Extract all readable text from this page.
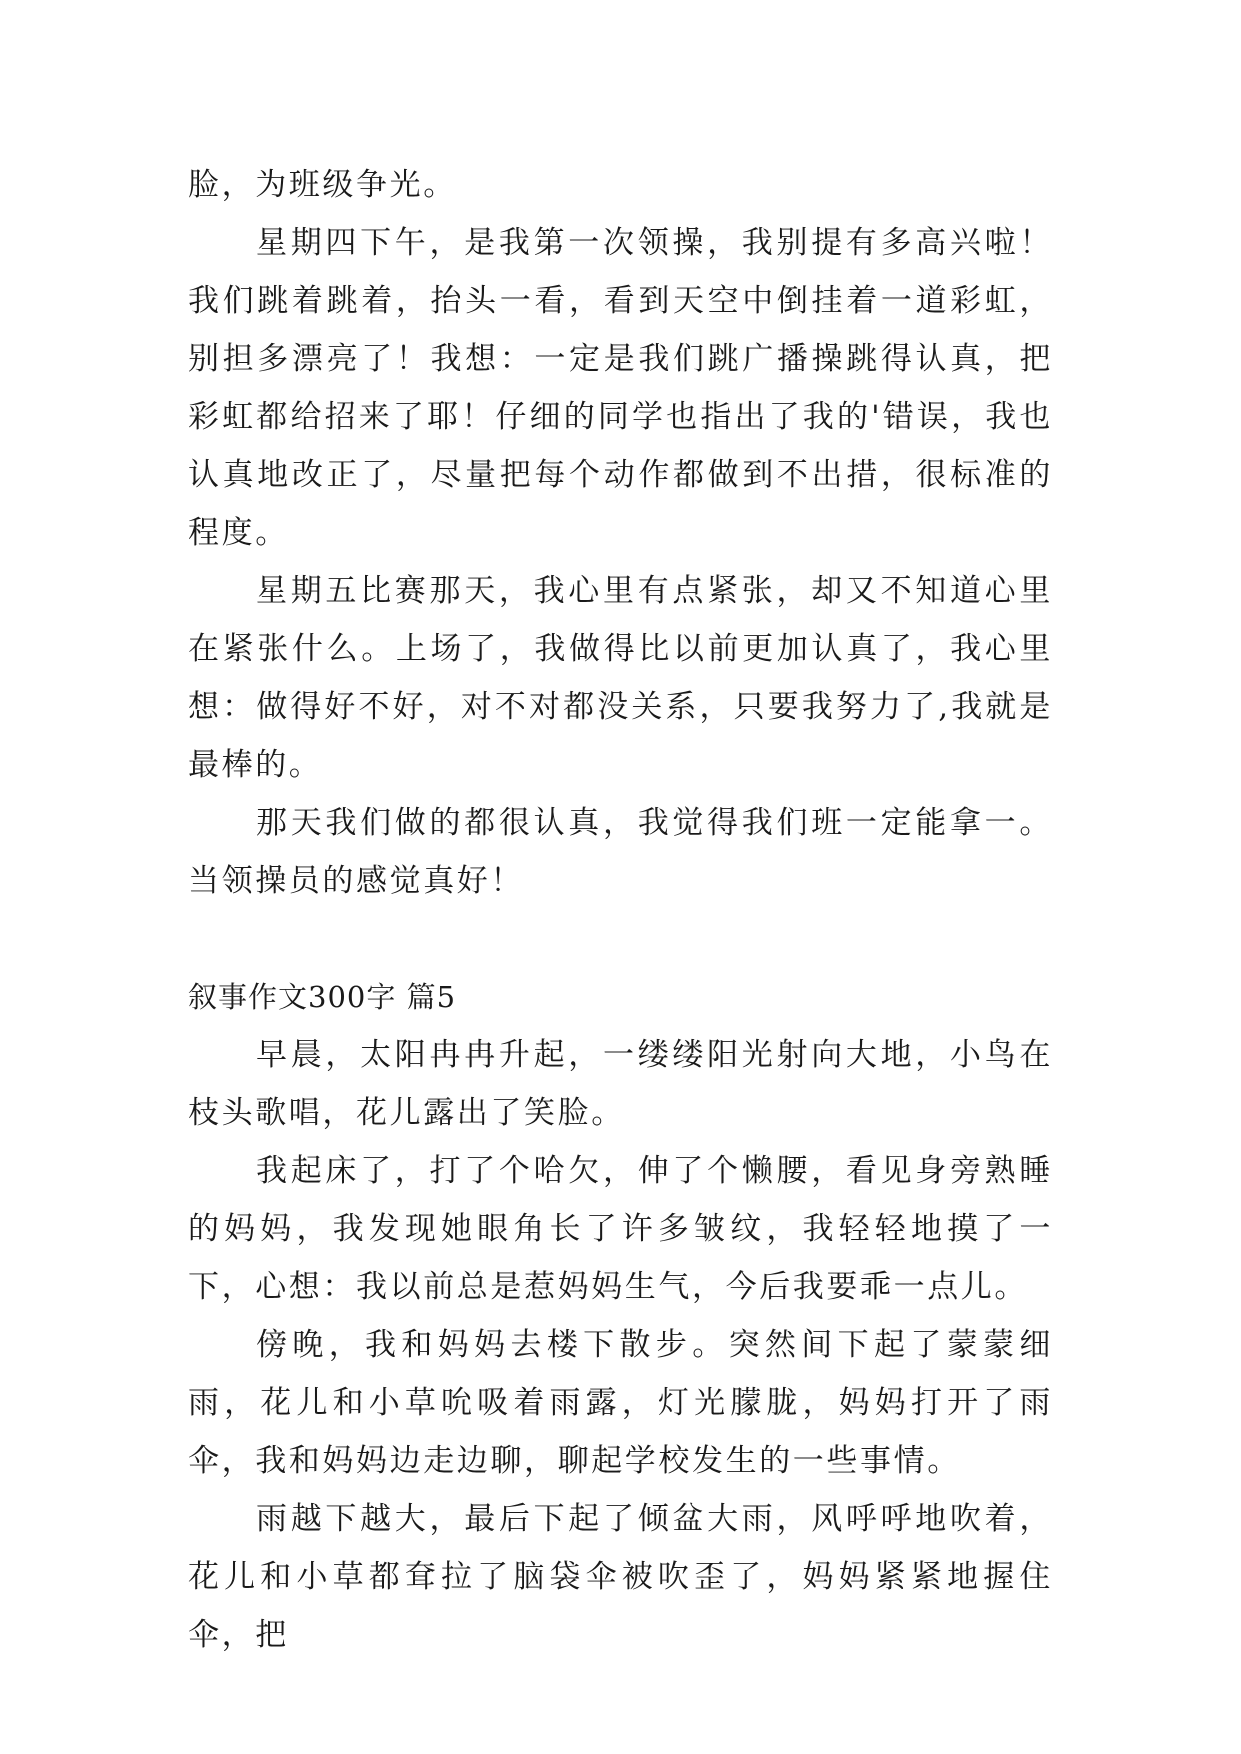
脸，为班级争光。

星期四下午，是我第一次领操，我别提有多高兴啦！我们跳着跳着，抬头一看，看到天空中倒挂着一道彩虹，别担多漂亮了！我想：一定是我们跳广播操跳得认真，把彩虹都给招来了耶！仔细的同学也指出了我的'错误，我也认真地改正了，尽量把每个动作都做到不出措，很标准的程度。

星期五比赛那天，我心里有点紧张，却又不知道心里在紧张什么。上场了，我做得比以前更加认真了，我心里想：做得好不好，对不对都没关系，只要我努力了,我就是最棒的。

那天我们做的都很认真，我觉得我们班一定能拿一。当领操员的感觉真好！

叙事作文300字 篇5

早晨，太阳冉冉升起，一缕缕阳光射向大地，小鸟在枝头歌唱，花儿露出了笑脸。

我起床了，打了个哈欠，伸了个懒腰，看见身旁熟睡的妈妈，我发现她眼角长了许多皱纹，我轻轻地摸了一下，心想：我以前总是惹妈妈生气，今后我要乖一点儿。

傍晚，我和妈妈去楼下散步。突然间下起了蒙蒙细雨，花儿和小草吮吸着雨露，灯光朦胧，妈妈打开了雨伞，我和妈妈边走边聊，聊起学校发生的一些事情。

雨越下越大，最后下起了倾盆大雨，风呼呼地吹着，花儿和小草都耷拉了脑袋伞被吹歪了，妈妈紧紧地握住伞，把
